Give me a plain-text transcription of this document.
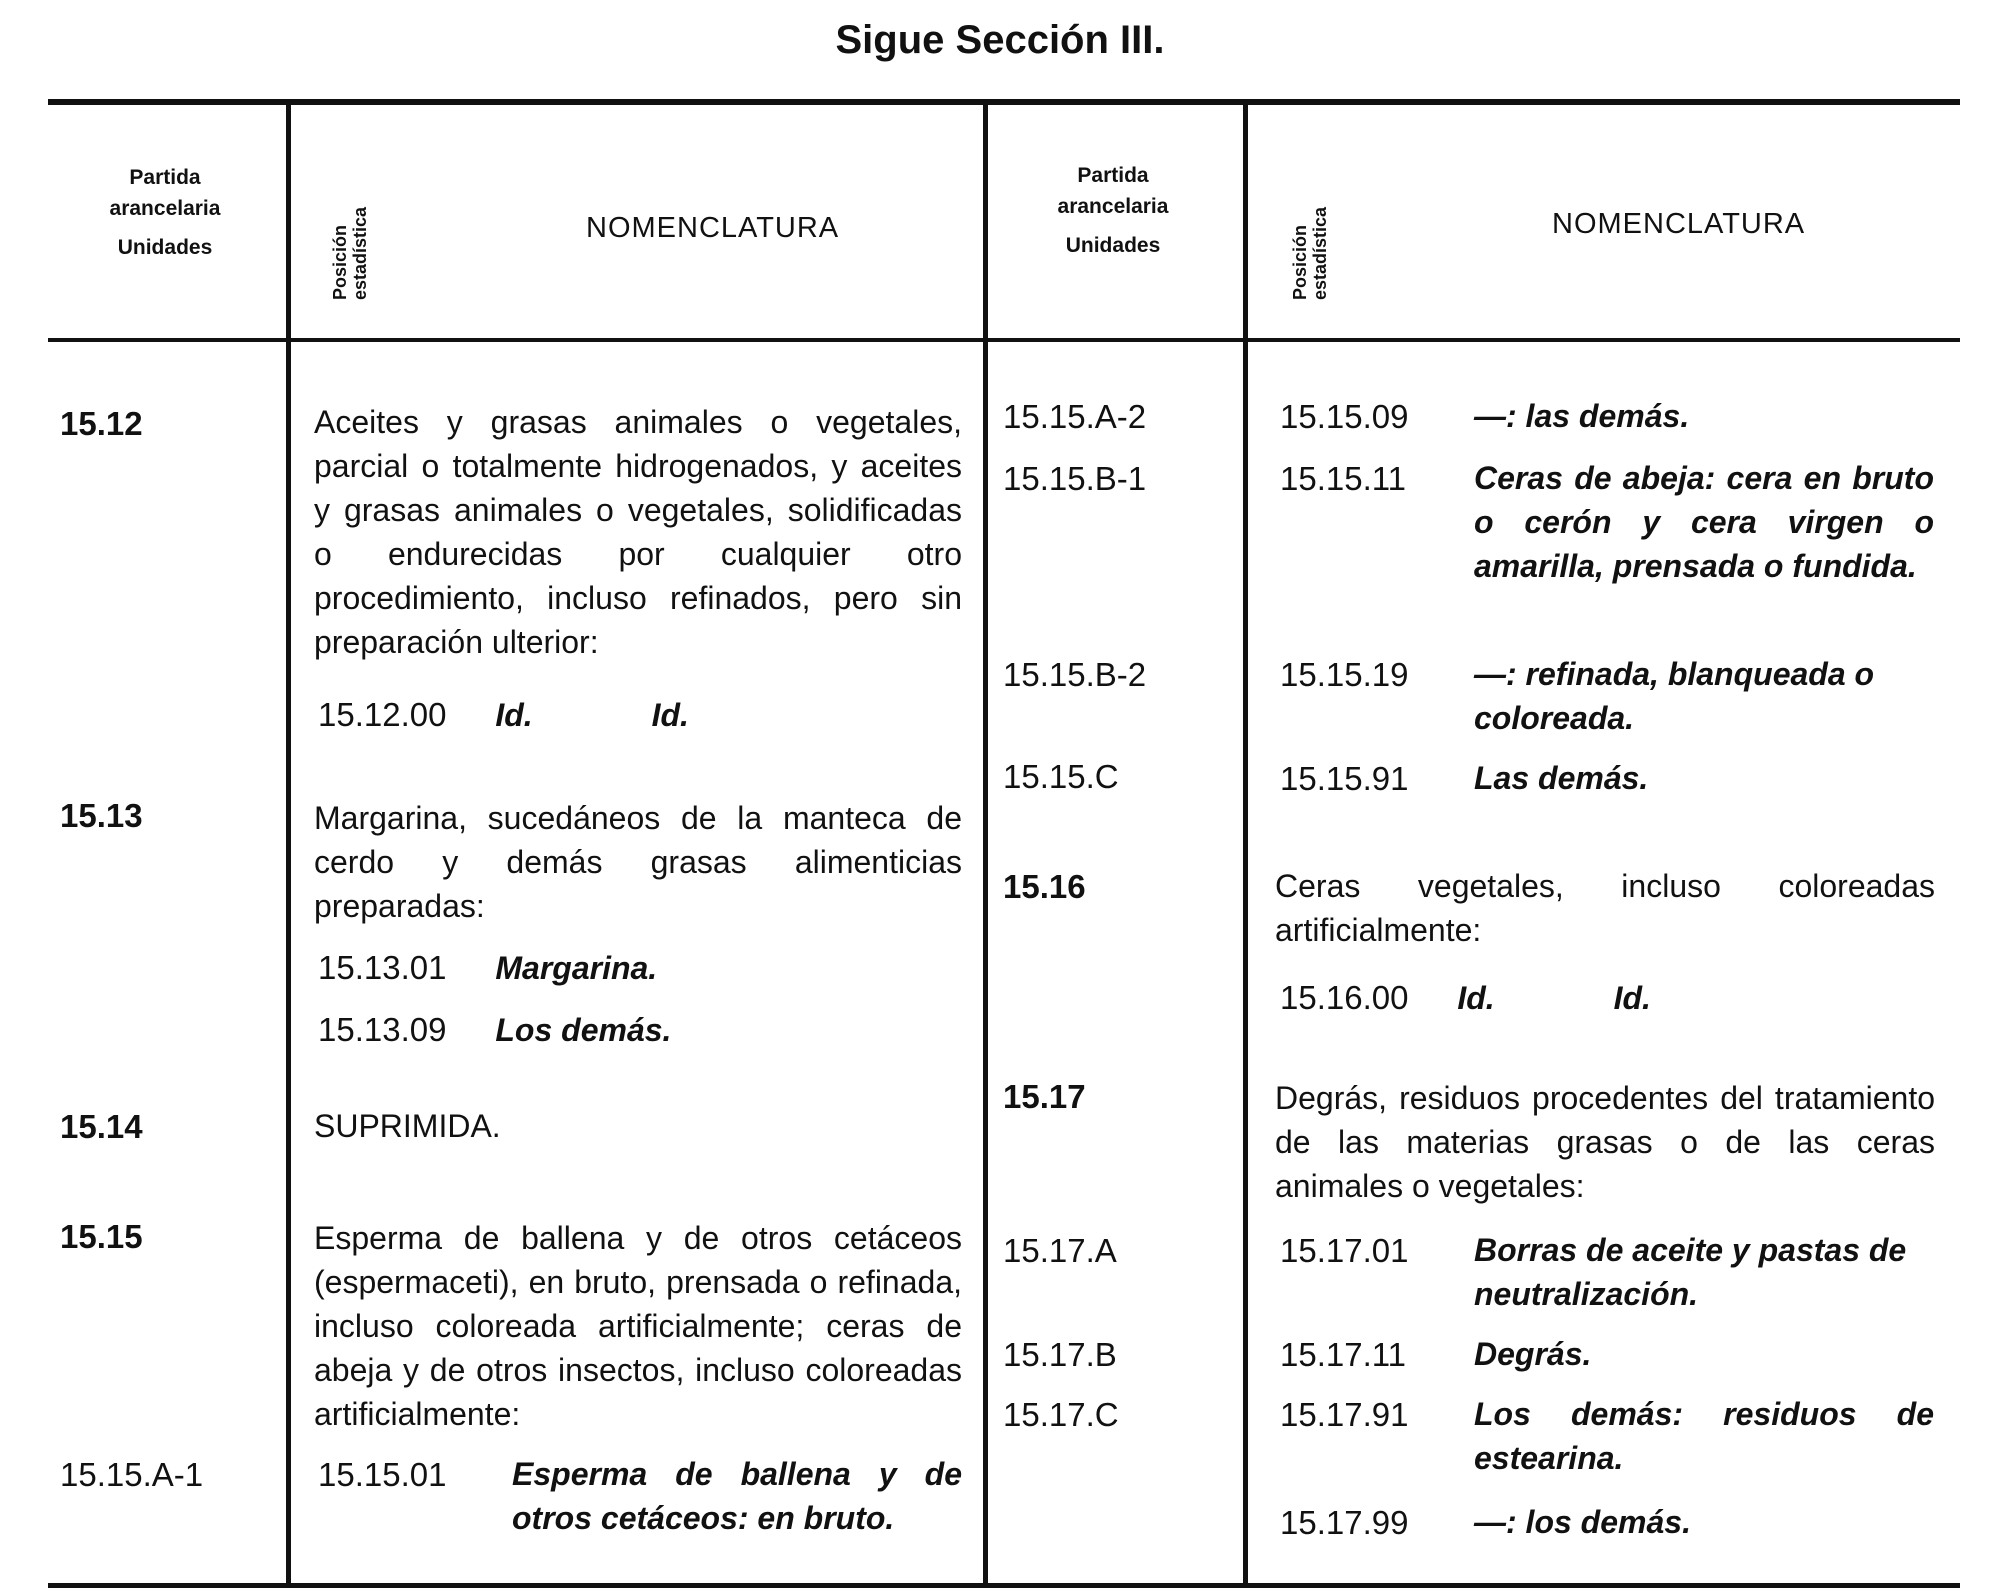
Sigue Sección III.
Partida arancelaria
Unidades	Posición estadística	NOMENCLATURA
Partida arancelaria
Unidades	Posición estadística	NOMENCLATURA
15.12	Aceites y grasas animales o vegetales, parcial o totalmente hidrogenados, y aceites y grasas animales o vegetales, solidificadas o endurecidas por cualquier otro procedimiento, incluso refinados, pero sin preparación ulterior:
15.12.00 Id.	Id.
15.13	Margarina, sucedáneos de la manteca de cerdo y demás grasas alimenticias preparadas:
15.13.01 Margarina.
15.13.09 Los demás.
15.14	SUPRIMIDA.
15.15	Esperma de ballena y de otros cetáceos (espermaceti), en bruto, prensada o refinada, incluso coloreada artificialmente; ceras de abeja y de otros insectos, incluso coloreadas artificialmente:
15.15.A-1	15.15.01 Esperma de ballena y de otros cetáceos: en bruto.
15.15.A-2	15.15.09 —: las demás.
15.15.B-1	15.15.11 Ceras de abeja: cera en bruto o cerón y cera virgen o amarilla, prensada o fundida.
15.15.B-2	15.15.19 —: refinada, blanqueada o coloreada.
15.15.C	15.15.91 Las demás.
15.16	Ceras vegetales, incluso coloreadas artificialmente:
15.16.00 Id.	Id.
15.17	Degrás, residuos procedentes del tratamiento de las materias grasas o de las ceras animales o vegetales:
15.17.A	15.17.01 Borras de aceite y pastas de neutralización.
15.17.B	15.17.11 Degrás.
15.17.C	15.17.91 Los demás: residuos de estearina.
15.17.99 —: los demás.
